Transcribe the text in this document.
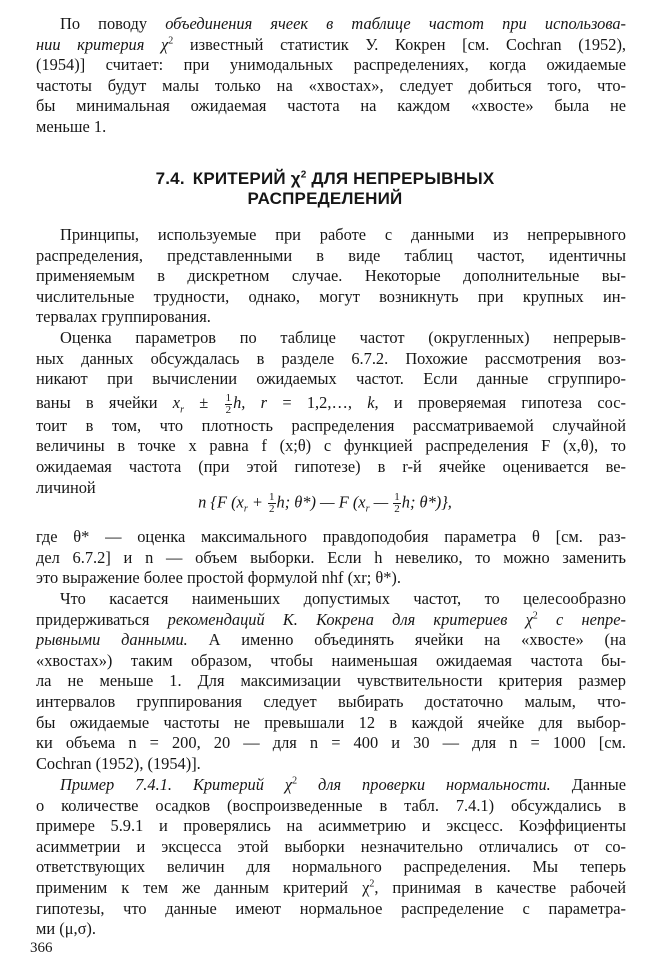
По поводу объединения ячеек в таблице частот при использова-
нии критерия $\chi^2$ известный статистик У. Кокрен [см. Cochran (1952),
(1954)] считает: при унимодальных распределениях, когда ожидаемые
частоты будут малы только на «хвостах», следует добиться того, что-
бы минимальная ожидаемая частота на каждом «хвосте» была не
меньше 1.
7.4. КРИТЕРИЙ $\chi^2$ ДЛЯ НЕПРЕРЫВНЫХ
РАСПРЕДЕЛЕНИЙ
Принципы, используемые при работе с данными из непрерывного
распределения, представленными в виде таблиц частот, идентичны
применяемым в дискретном случае. Некоторые дополнительные вы-
числительные трудности, однако, могут возникнуть при крупных ин-
тервалах группирования.
Оценка параметров по таблице частот (округленных) непрерыв-
ных данных обсуждалась в разделе 6.7.2. Похожие рассмотрения воз-
никают при вычислении ожидаемых частот. Если данные сгруппиро-
ваны в ячейки $x_r \pm \frac{1}{2} h$, r = 1,2,…, k, и проверяемая гипотеза сос-
тоит в том, что плотность распределения рассматриваемой случайной
величины в точке x равна f (x;θ) с функцией распределения F (x,θ), то
ожидаемая частота (при этой гипотезе) в r-й ячейке оценивается ве-
личиной
n {F ($x_r + \frac{1}{2} h$; θ*) — F ($x_r$ — $\frac{1}{2} h$; θ*)},
где θ* — оценка максимального правдоподобия параметра θ [см. раз-
дел 6.7.2] и n — объем выборки. Если h невелико, то можно заменить
это выражение более простой формулой nhf (xr; θ*).
Что касается наименьших допустимых частот, то целесообразно
придерживаться рекомендаций К. Кокрена для критериев $\chi^2$ с непре-
рывными данными. А именно объединять ячейки на «хвосте» (на
«хвостах») таким образом, чтобы наименьшая ожидаемая частота бы-
ла не меньше 1. Для максимизации чувствительности критерия размер
интервалов группирования следует выбирать достаточно малым, что-
бы ожидаемые частоты не превышали 12 в каждой ячейке для выбор-
ки объема n = 200, 20 — для n = 400 и 30 — для n = 1000 [см.
Cochran (1952), (1954)].
Пример 7.4.1. Критерий $\chi^2$ для проверки нормальности. Данные
о количестве осадков (воспроизведенные в табл. 7.4.1) обсуждались в
примере 5.9.1 и проверялись на асимметрию и эксцесс. Коэффициенты
асимметрии и эксцесса этой выборки незначительно отличались от со-
ответствующих величин для нормального распределения. Мы теперь
применим к тем же данным критерий $\chi^2$, принимая в качестве рабочей
гипотезы, что данные имеют нормальное распределение с параметра-
ми (μ,σ).
366
